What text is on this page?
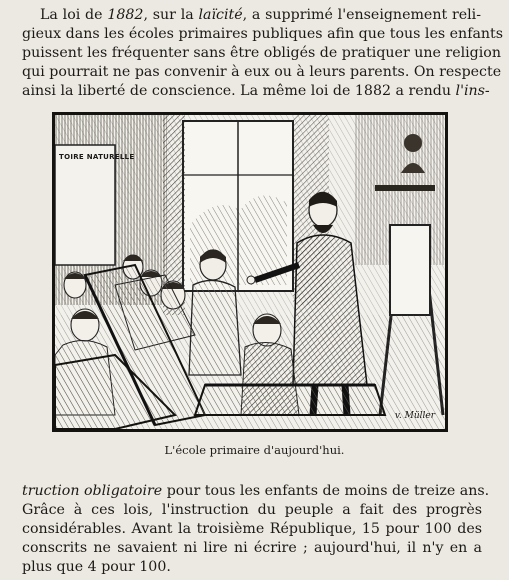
La loi de 1882, sur la laïcité, a supprimé l'enseignement reli-
gieux dans les écoles primaires publiques afin que tous les enfants
puissent les fréquenter sans être obligés de pratiquer une religion
qui pourrait ne pas convenir à eux ou à leurs parents. On respecte
ainsi la liberté de conscience. La même loi de 1882 a rendu l'ins-
TOIRE NATURELLE
v. Müller
L'école primaire d'aujourd'hui.
truction obligatoire pour tous les enfants de moins de treize ans.
Grâce à ces lois, l'instruction du peuple a fait des progrès
considérables. Avant la troisième République, 15 pour 100 des
conscrits ne savaient ni lire ni écrire ; aujourd'hui, il n'y en a
plus que 4 pour 100.
